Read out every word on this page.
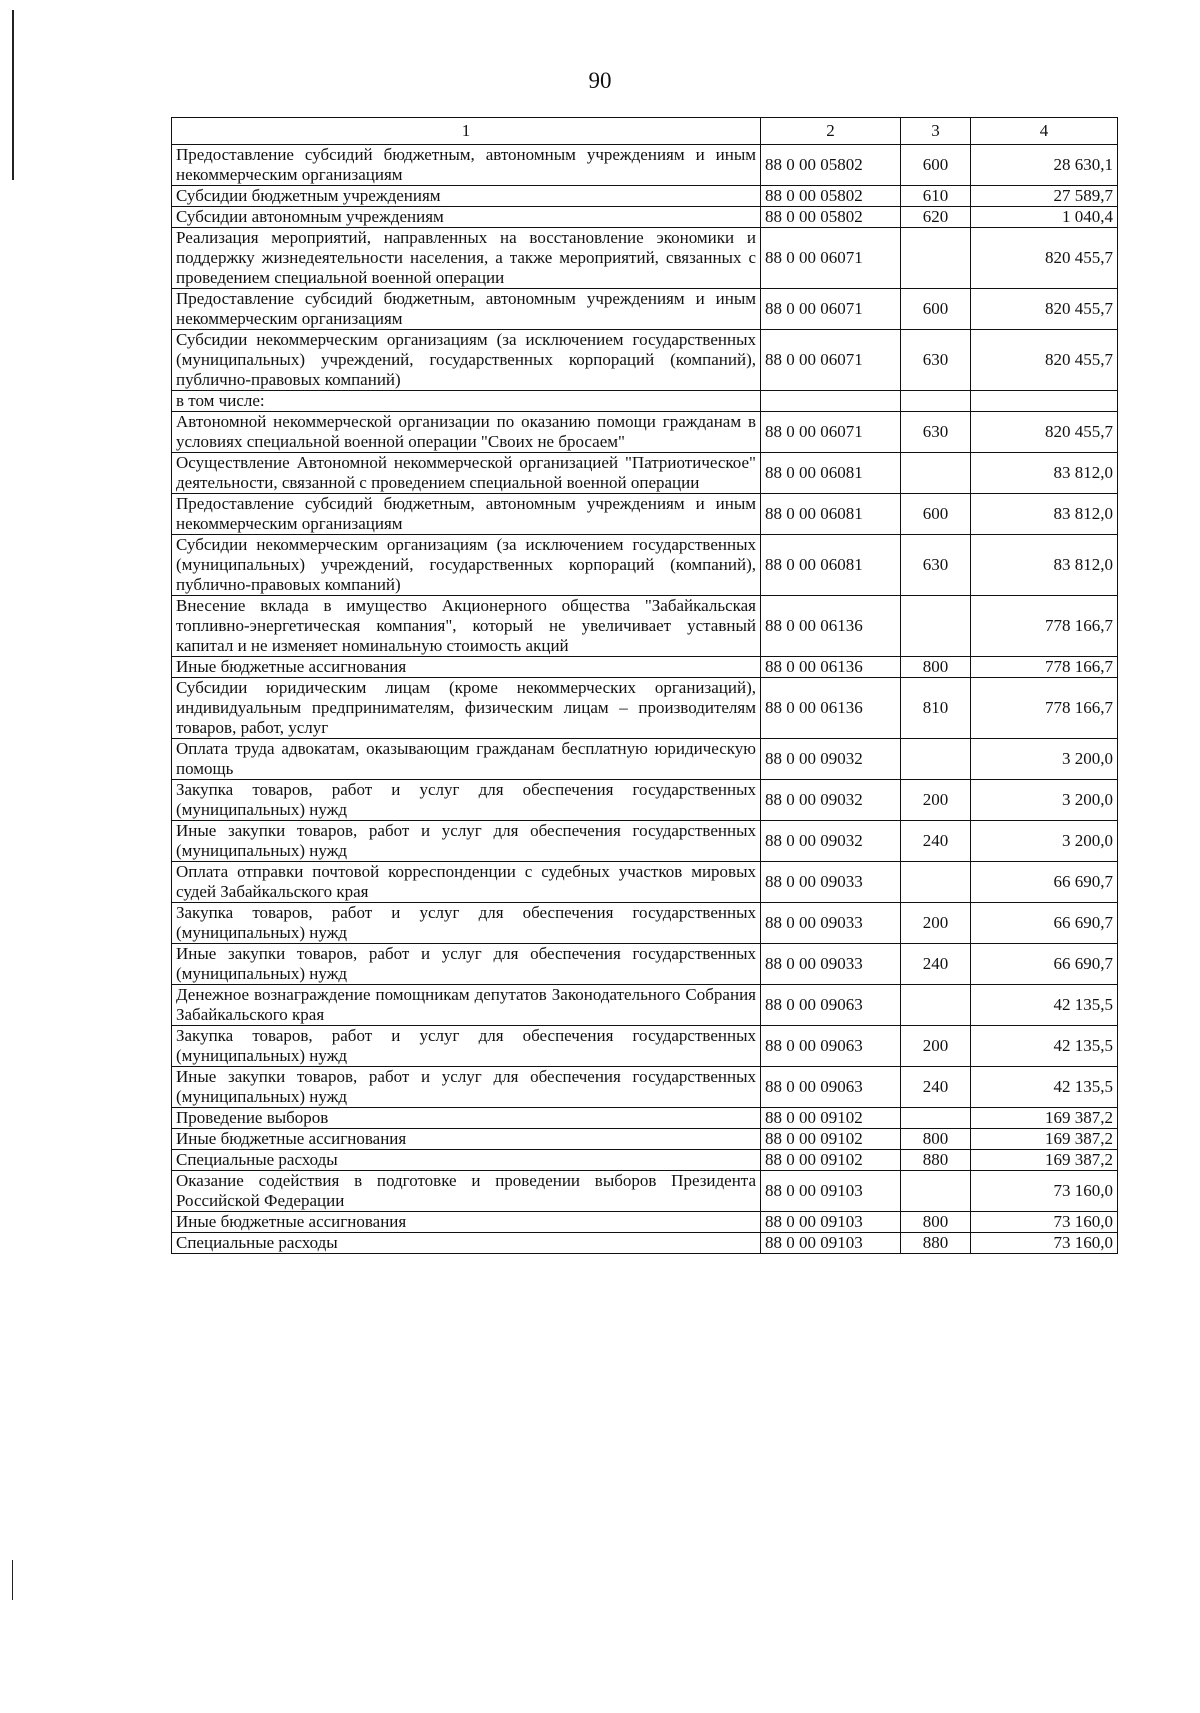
90
1	2	3	4
Предоставление субсидий бюджетным, автономным учреждениям и иным некоммерческим организациям	88 0 00 05802	600	28 630,1
Субсидии бюджетным учреждениям	88 0 00 05802	610	27 589,7
Субсидии автономным учреждениям	88 0 00 05802	620	1 040,4
Реализация мероприятий, направленных на восстановление экономики и поддержку жизнедеятельности населения, а также мероприятий, связанных с проведением специальной военной операции	88 0 00 06071		820 455,7
Предоставление субсидий бюджетным, автономным учреждениям и иным некоммерческим организациям	88 0 00 06071	600	820 455,7
Субсидии некоммерческим организациям (за исключением государственных (муниципальных) учреждений, государственных корпораций (компаний), публично-правовых компаний)	88 0 00 06071	630	820 455,7
в том числе:			
Автономной некоммерческой организации по оказанию помощи гражданам в условиях специальной военной операции "Своих не бросаем"	88 0 00 06071	630	820 455,7
Осуществление Автономной некоммерческой организацией "Патриотическое" деятельности, связанной с проведением специальной военной операции	88 0 00 06081		83 812,0
Предоставление субсидий бюджетным, автономным учреждениям и иным некоммерческим организациям	88 0 00 06081	600	83 812,0
Субсидии некоммерческим организациям (за исключением государственных (муниципальных) учреждений, государственных корпораций (компаний), публично-правовых компаний)	88 0 00 06081	630	83 812,0
Внесение вклада в имущество Акционерного общества "Забайкальская топливно-энергетическая компания", который не увеличивает уставный капитал и не изменяет номинальную стоимость акций	88 0 00 06136		778 166,7
Иные бюджетные ассигнования	88 0 00 06136	800	778 166,7
Субсидии юридическим лицам (кроме некоммерческих организаций), индивидуальным предпринимателям, физическим лицам – производителям товаров, работ, услуг	88 0 00 06136	810	778 166,7
Оплата труда адвокатам, оказывающим гражданам бесплатную юридическую помощь	88 0 00 09032		3 200,0
Закупка товаров, работ и услуг для обеспечения государственных (муниципальных) нужд	88 0 00 09032	200	3 200,0
Иные закупки товаров, работ и услуг для обеспечения государственных (муниципальных) нужд	88 0 00 09032	240	3 200,0
Оплата отправки почтовой корреспонденции с судебных участков мировых судей Забайкальского края	88 0 00 09033		66 690,7
Закупка товаров, работ и услуг для обеспечения государственных (муниципальных) нужд	88 0 00 09033	200	66 690,7
Иные закупки товаров, работ и услуг для обеспечения государственных (муниципальных) нужд	88 0 00 09033	240	66 690,7
Денежное вознаграждение помощникам депутатов Законодательного Собрания Забайкальского края	88 0 00 09063		42 135,5
Закупка товаров, работ и услуг для обеспечения государственных (муниципальных) нужд	88 0 00 09063	200	42 135,5
Иные закупки товаров, работ и услуг для обеспечения государственных (муниципальных) нужд	88 0 00 09063	240	42 135,5
Проведение выборов	88 0 00 09102		169 387,2
Иные бюджетные ассигнования	88 0 00 09102	800	169 387,2
Специальные расходы	88 0 00 09102	880	169 387,2
Оказание содействия в подготовке и проведении выборов Президента Российской Федерации	88 0 00 09103		73 160,0
Иные бюджетные ассигнования	88 0 00 09103	800	73 160,0
Специальные расходы	88 0 00 09103	880	73 160,0
